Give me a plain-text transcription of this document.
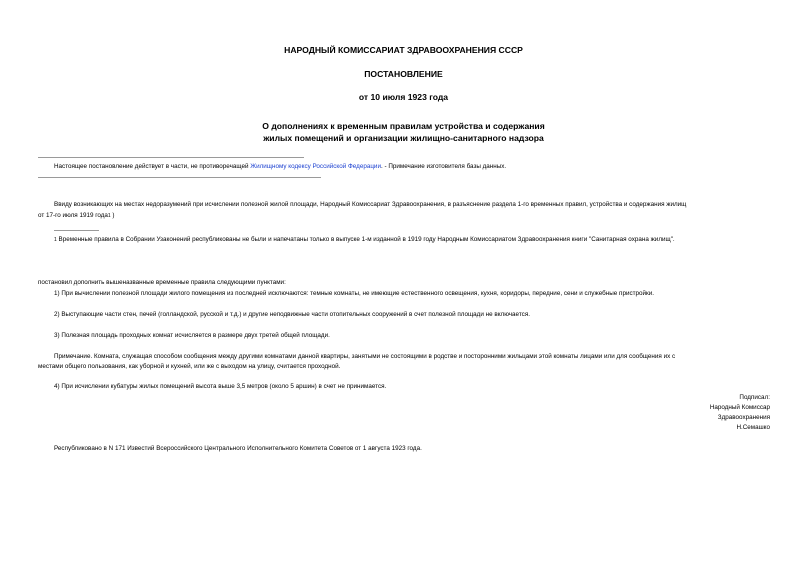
НАРОДНЫЙ КОМИССАРИАТ ЗДРАВООХРАНЕНИЯ СССР
ПОСТАНОВЛЕНИЕ
от 10 июля 1923 года
О дополнениях к временным правилам устройства и содержания
жилых помещений и организации жилищно-санитарного надзора
Настоящее постановление действует в части, не противоречащей Жилищному кодексу Российской Федерации. - Примечание изготовителя базы данных.
Ввиду возникающих на местах недоразумений при исчислении полезной жилой площади, Народный Комиссариат Здравоохранения, в разъяснение раздела 1-го временных правил, устройства и содержания жилищ
от 17-го июля 1919 года$^1$ )
$^1$ Временные правила в Собрании Узаконений республикованы не были и напечатаны только в выпуске 1-м изданной в 1919 году Народным Комиссариатом Здравоохранения книги "Санитарная охрана жилищ".
постановил дополнить вышеназванные временные правила следующими пунктами:
1) При вычислении полезной площади жилого помещения из последней исключаются: темные комнаты, не имеющие естественного освещения, кухня, коридоры, передние, сени и служебные пристройки.
2) Выступающие части стен, печей (голландской, русской и т.д.) и другие неподвижные части отопительных сооружений в счет полезной площади не включается.
3) Полезная площадь проходных комнат исчисляется в размере двух третей общей площади.
Примечание. Комната, служащая способом сообщения между другими комнатами данной квартиры, занятыми не состоящими в родстве и посторонними жильцами этой комнаты лицами или для сообщения их с
местами общего пользования, как уборной и кухней, или же с выходом на улицу, считается проходной.
4) При исчислении кубатуры жилых помещений высота выше 3,5 метров (около 5 аршин) в счет не принимается.
Подписал:
Народный Комиссар
Здравоохранения
Н.Семашко
Республиковано в N 171 Известий Всероссийского Центрального Исполнительного Комитета Советов от 1 августа 1923 года.
